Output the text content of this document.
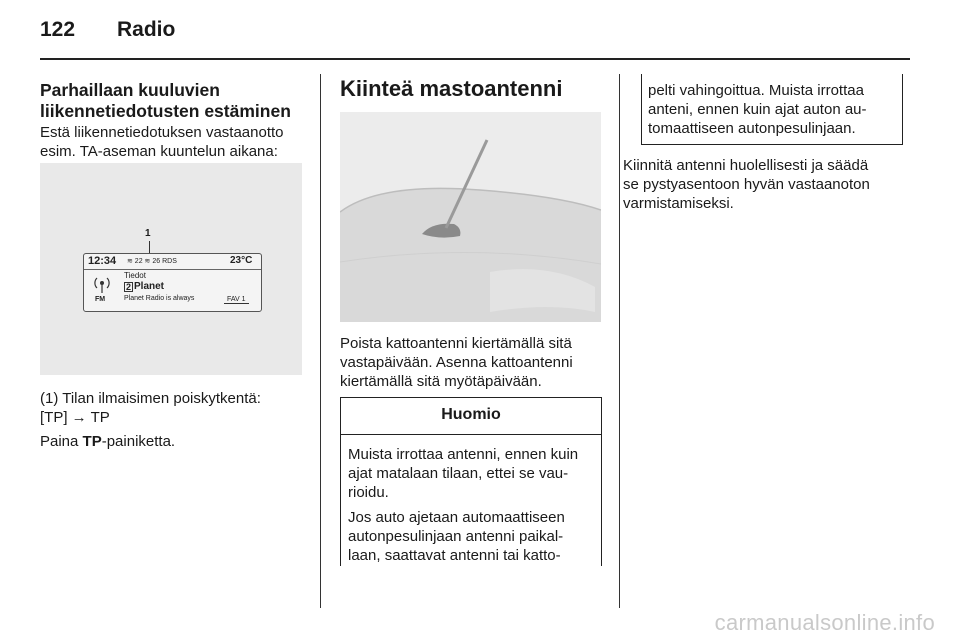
122 Radio
Parhaillaan kuuluvien liikennetiedotusten estäminen

Estä liikennetiedotuksen vastaanotto esim. TA-aseman kuuntelun aikana:

1
12:34 ≋ 22 ≋ 26 RDS	23°C
FM
Tiedot
2 Planet
Planet Radio is always	FAV 1

(1) Tilan ilmaisimen poiskytkentä:

[TP] → TP

Paina TP-painiketta.

Kiinteä mastoantenni

Poista kattoantenni kiertämällä sitä

vastapäivään. Asenna kattoantenni

kiertämällä sitä myötäpäivään.

Huomio

Muista irrottaa antenni, ennen kuin

ajat matalaan tilaan, ettei se vau-

rioidu.

Jos auto ajetaan automaattiseen

autonpesulinjaan antenni paikal-

laan, saattavat antenni tai katto-

pelti vahingoittua. Muista irrottaa

anteni, ennen kuin ajat auton au-

tomaattiseen autonpesulinjaan.

Kiinnitä antenni huolellisesti ja säädä

se pystyasentoon hyvän vastaanoton

varmistamiseksi.

carmanualsonline.info
